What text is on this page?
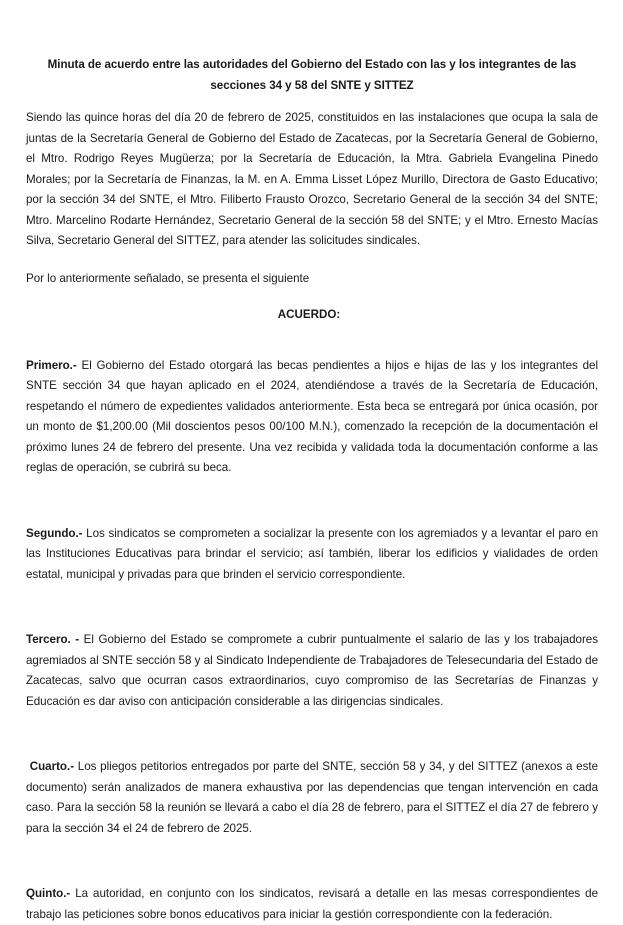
Minuta de acuerdo entre las autoridades del Gobierno del Estado con las y los integrantes de las secciones 34 y 58 del SNTE y SITTEZ

Siendo las quince horas del día 20 de febrero de 2025, constituidos en las instalaciones que ocupa la sala de juntas de la Secretaría General de Gobierno del Estado de Zacatecas, por la Secretaría General de Gobierno, el Mtro. Rodrigo Reyes Mugüerza; por la Secretaría de Educación, la Mtra. Gabriela Evangelina Pinedo Morales; por la Secretaría de Finanzas, la M. en A. Emma Lisset López Murillo, Directora de Gasto Educativo; por la sección 34 del SNTE, el Mtro. Filiberto Frausto Orozco, Secretario General de la sección 34 del SNTE; Mtro. Marcelino Rodarte Hernández, Secretario General de la sección 58 del SNTE; y el Mtro. Ernesto Macías Silva, Secretario General del SITTEZ, para atender las solicitudes sindicales.

Por lo anteriormente señalado, se presenta el siguiente

ACUERDO:

Primero.- El Gobierno del Estado otorgará las becas pendientes a hijos e hijas de las y los integrantes del SNTE sección 34 que hayan aplicado en el 2024, atendiéndose a través de la Secretaría de Educación, respetando el número de expedientes validados anteriormente. Esta beca se entregará por única ocasión, por un monto de $1,200.00 (Mil doscientos pesos 00/100 M.N.), comenzado la recepción de la documentación el próximo lunes 24 de febrero del presente. Una vez recibida y validada toda la documentación conforme a las reglas de operación, se cubrirá su beca.

Segundo.- Los sindicatos se comprometen a socializar la presente con los agremiados y a levantar el paro en las Instituciones Educativas para brindar el servicio; así también, liberar los edificios y vialidades de orden estatal, municipal y privadas para que brinden el servicio correspondiente.

Tercero. - El Gobierno del Estado se compromete a cubrir puntualmente el salario de las y los trabajadores agremiados al SNTE sección 58 y al Sindicato Independiente de Trabajadores de Telesecundaria del Estado de Zacatecas, salvo que ocurran casos extraordinarios, cuyo compromiso de las Secretarías de Finanzas y Educación es dar aviso con anticipación considerable a las dirigencias sindicales.

Cuarto.- Los pliegos petitorios entregados por parte del SNTE, sección 58 y 34, y del SITTEZ (anexos a este documento) serán analizados de manera exhaustiva por las dependencias que tengan intervención en cada caso. Para la sección 58 la reunión se llevará a cabo el día 28 de febrero, para el SITTEZ el día 27 de febrero y para la sección 34 el 24 de febrero de 2025.

Quinto.- La autoridad, en conjunto con los sindicatos, revisará a detalle en las mesas correspondientes de trabajo las peticiones sobre bonos educativos para iniciar la gestión correspondiente con la federación.
